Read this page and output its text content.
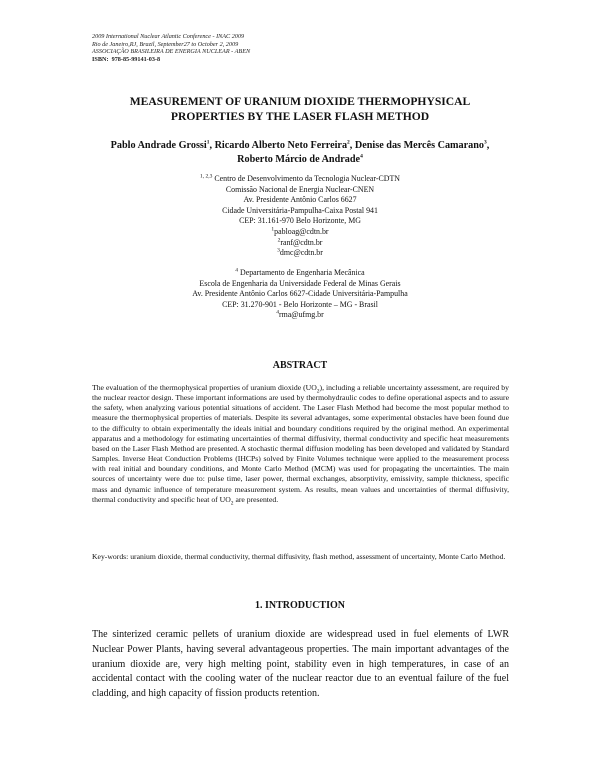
2009 International Nuclear Atlantic Conference - INAC 2009
Rio de Janeiro,RJ, Brazil, September27 to October 2, 2009
ASSOCIAÇÃO BRASILEIRA DE ENERGIA NUCLEAR - ABEN
ISBN: 978-85-99141-03-8
MEASUREMENT OF URANIUM DIOXIDE THERMOPHYSICAL
PROPERTIES BY THE LASER FLASH METHOD
Pablo Andrade Grossi$^1$, Ricardo Alberto Neto Ferreira$^2$, Denise das Mercês Camarano$^3$,
Roberto Márcio de Andrade$^4$
$^{1, 2,3}$ Centro de Desenvolvimento da Tecnologia Nuclear-CDTN
Comissão Nacional de Energia Nuclear-CNEN
Av. Presidente Antônio Carlos 6627
Cidade Universitária-Pampulha-Caixa Postal 941
CEP: 31.161-970 Belo Horizonte, MG
$^1$pabloag@cdtn.br
$^2$ranf@cdtn.br
$^3$dmc@cdtn.br
$^4$ Departamento de Engenharia Mecânica
Escola de Engenharia da Universidade Federal de Minas Gerais
Av. Presidente Antônio Carlos 6627-Cidade Universitária-Pampulha
CEP: 31.270-901 - Belo Horizonte – MG - Brasil
$^4$rma@ufmg.br
ABSTRACT
The evaluation of the thermophysical properties of uranium dioxide $(UO_2)$, including a reliable uncertainty assessment, are required by the nuclear reactor design. These important informations are used by thermohydraulic codes to define operational aspects and to assure the safety, when analyzing various potential situations of accident. The Laser Flash Method had become the most popular method to measure the thermophysical properties of materials. Despite its several advantages, some experimental obstacles have been found due to the difficulty to obtain experimentally the ideals initial and boundary conditions required by the original method. An experimental apparatus and a methodology for estimating uncertainties of thermal diffusivity, thermal conductivity and specific heat measurements based on the Laser Flash Method are presented. A stochastic thermal diffusion modeling has been developed and validated by Standard Samples. Inverse Heat Conduction Problems (IHCPs) solved by Finite Volumes technique were applied to the measurement process with real initial and boundary conditions, and Monte Carlo Method (MCM) was used for propagating the uncertainties. The main sources of uncertainty were due to: pulse time, laser power, thermal exchanges, absorptivity, emissivity, sample thickness, specific mass and dynamic influence of temperature measurement system. As results, mean values and uncertainties of thermal diffusivity, thermal conductivity and specific heat of $UO_2$ are presented.
Key-words: uranium dioxide, thermal conductivity, thermal diffusivity, flash method, assessment of uncertainty, Monte Carlo Method.
1. INTRODUCTION
The sinterized ceramic pellets of uranium dioxide are widespread used in fuel elements of LWR Nuclear Power Plants, having several advantageous properties. The main important advantages of the uranium dioxide are, very high melting point, stability even in high temperatures, in case of an accidental contact with the cooling water of the nuclear reactor due to an eventual failure of the fuel cladding, and high capacity of fission products retention.
